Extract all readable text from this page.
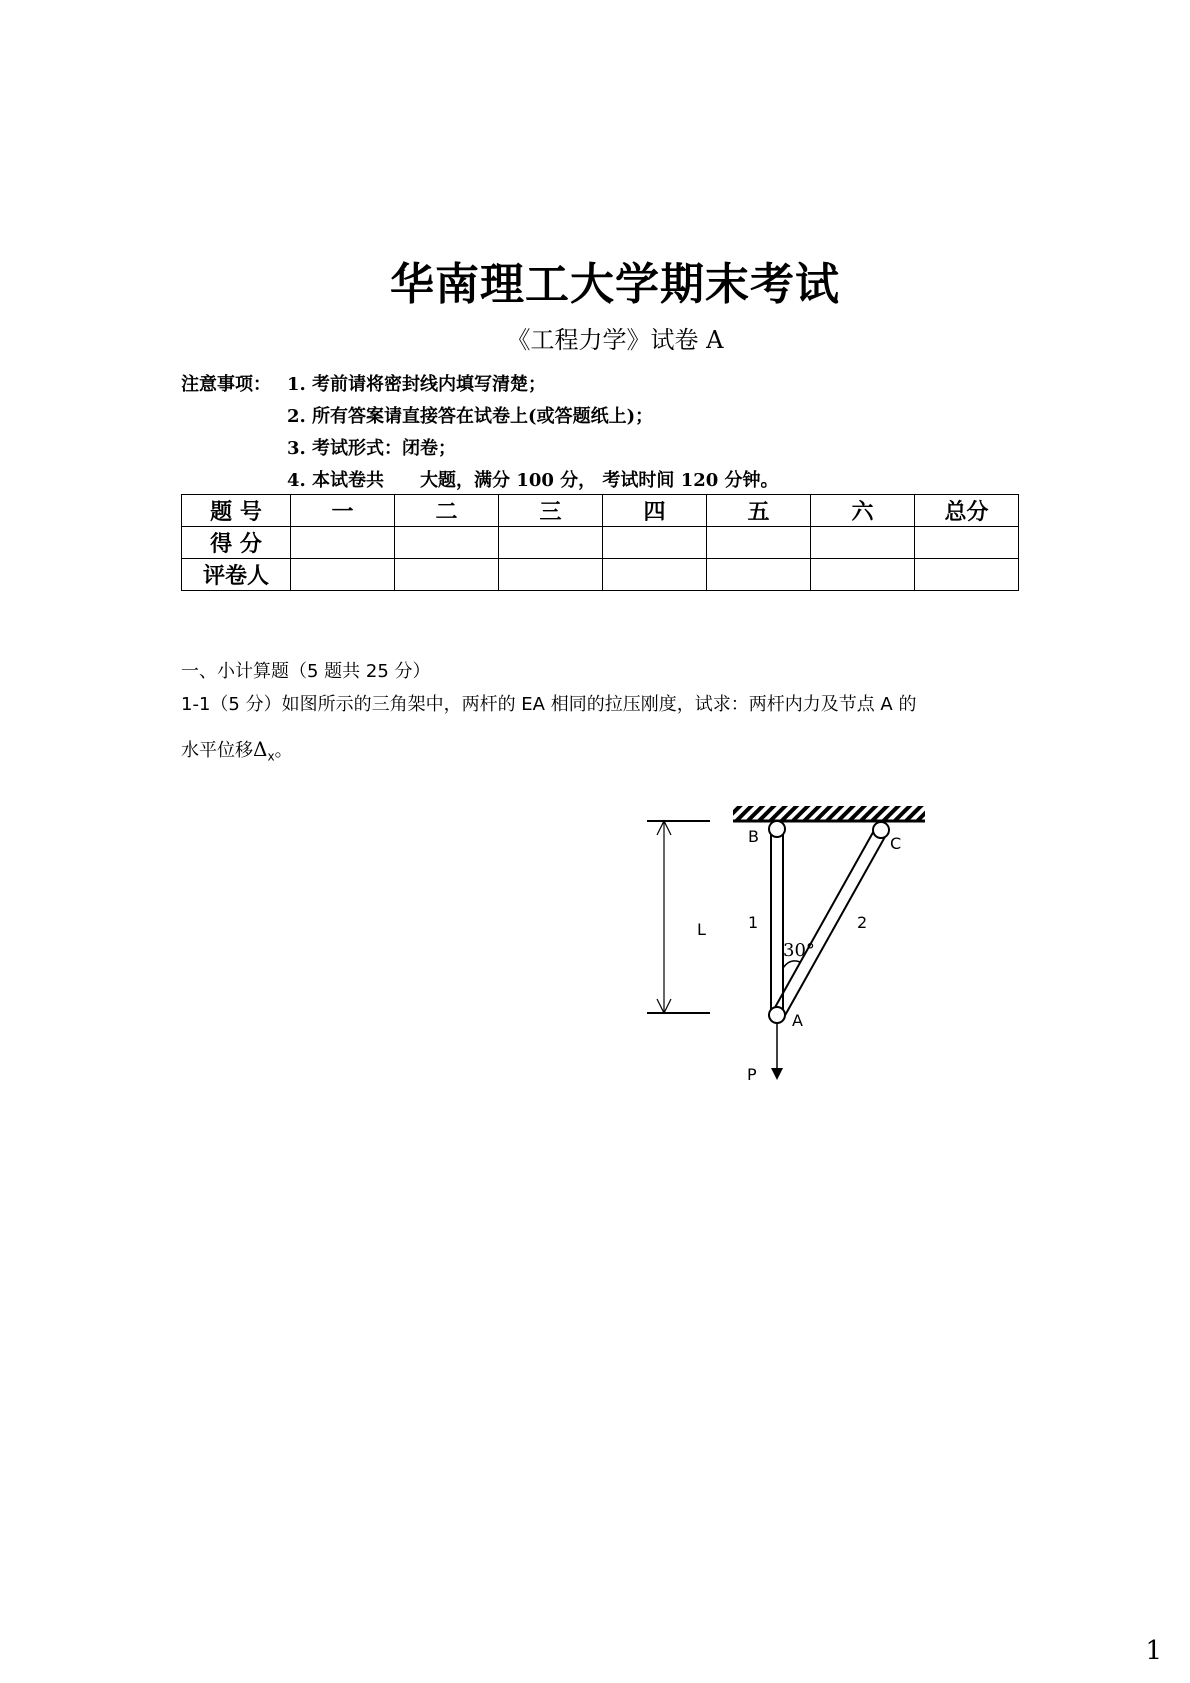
华南理工大学期末考试
《工程力学》试卷 A
注意事项： 1. 考前请将密封线内填写清楚；
2. 所有答案请直接答在试卷上(或答题纸上)；
3. 考试形式：闭卷；
4. 本试卷共　　大题，满分 100 分， 考试时间 120 分钟。
题 号	一	二	三	四	五	六	总分
得 分							
评卷人							
一、小计算题（5 题共 25 分）
1-1（5 分）如图所示的三角架中，两杆的 EA 相同的拉压刚度，试求：两杆内力及节点 A 的
水平位移$\Delta_x$。
B	C
A
P
L	1	2
30°
1
